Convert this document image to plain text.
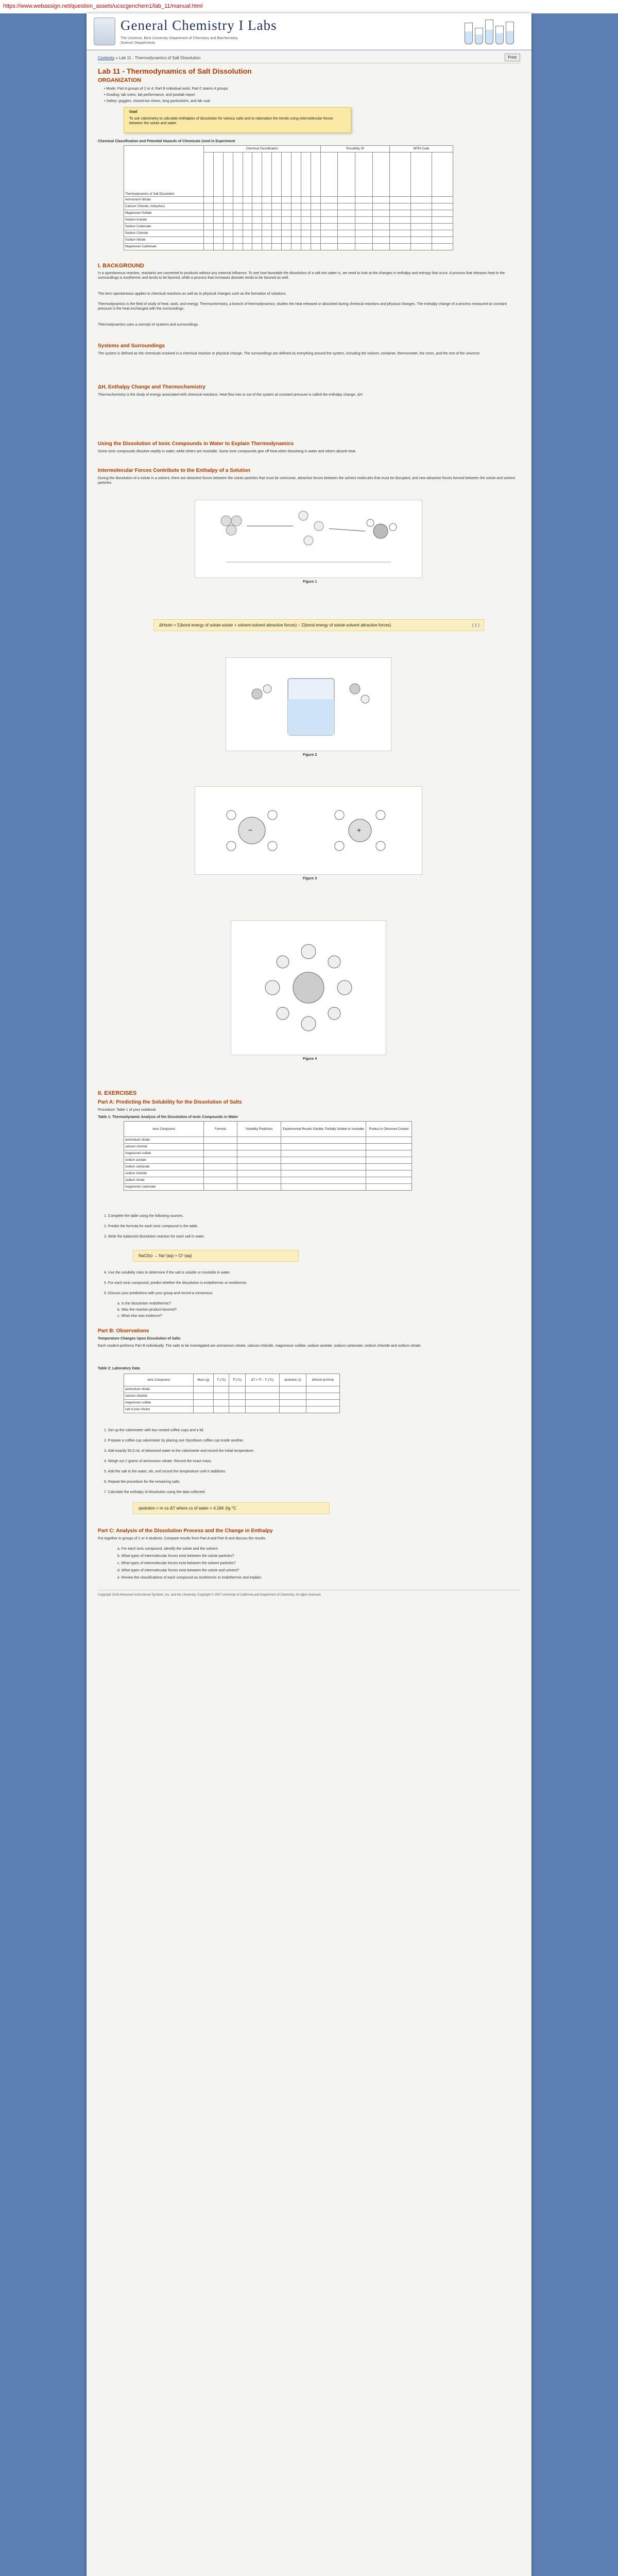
https://www.webassign.net/question_assets/ucscgenchem1/lab_11/manual.html
General Chemistry I Labs
The Universe, Best University Department of Chemistry and Biochemistry
Science Departments
Contents » Lab 11 - Thermodynamics of Salt Dissolution	Print
Lab 11 - Thermodynamics of Salt Dissolution
ORGANIZATION
• Mode: Part A groups of 2 or 4; Part B individual work; Part C teams 4 groups
• Grading: lab notes, lab performance, and postlab report
• Safety: goggles, closed-toe shoes, long pants/skirts, and lab coat
Goal
To use calorimetry to calculate enthalpies of dissolution for various salts and to rationalize the trends using intermolecular forces between the solute and water.
Chemical Classification and Potential Hazards of Chemicals Used in Experiment
Thermodynamics of Salt Dissolution	Chemical Classification												Possibility Of				NFPA Code		

Ammonium Nitrate																			
Calcium Chloride, Anhydrous																			
Magnesium Sulfate																			
Sodium Acetate																			
Sodium Carbonate																			
Sodium Chloride																			
Sodium Nitrate																			
Magnesium Carbonate																			
I. BACKGROUND
In a spontaneous reaction, reactants are converted to products without any external influence. To see how favorable the dissolution of a salt into water is, we need to look at the changes in enthalpy and entropy that occur. A process that releases heat to the surroundings is exothermic and tends to be favored, while a process that increases disorder tends to be favored as well.
The term spontaneous applies to chemical reactions as well as to physical changes such as the formation of solutions.
Thermodynamics is the field of study of heat, work, and energy. Thermochemistry, a branch of thermodynamics, studies the heat released or absorbed during chemical reactions and physical changes. The enthalpy change of a process measured at constant pressure is the heat exchanged with the surroundings.
Thermodynamics uses a concept of systems and surroundings.
Systems and Surroundings
The system is defined as the chemicals involved in a chemical reaction or physical change. The surroundings are defined as everything around the system, including the solvent, container, thermometer, the room, and the rest of the universe.
ΔH, Enthalpy Change and Thermochemistry
Thermochemistry is the study of energy associated with chemical reactions. Heat flow into or out of the system at constant pressure is called the enthalpy change, ΔH.
Using the Dissolution of Ionic Compounds in Water to Explain Thermodynamics
Some ionic compounds dissolve readily in water, while others are insoluble. Some ionic compounds give off heat when dissolving in water and others absorb heat.
Intermolecular Forces Contribute to the Enthalpy of a Solution
During the dissolution of a solute in a solvent, there are attractive forces between the solute particles that must be overcome, attractive forces between the solvent molecules that must be disrupted, and new attractive forces formed between the solute and solvent particles.
Figure 1
ΔHsoln = Σ(bond energy of solute-solute + solvent-solvent attractive forces) − Σ(bond energy of solute-solvent attractive forces)	( 1 )
Figure 2
−	+
Figure 3
Figure 4
II. EXERCISES
Part A: Predicting the Solubility for the Dissolution of Salts
Procedure: Table 1 of your notebook
Table 1: Thermodynamic Analysis of the Dissolution of Ionic Compounds in Water
Ionic Compound	Formula	Solubility Prediction	Experimental Results Soluble, Partially Soluble or Insoluble	Product in Observed Context
ammonium nitrate				
calcium chloride				
magnesium sulfate				
sodium acetate				
sodium carbonate				
sodium chloride				
sodium nitrate				
magnesium carbonate				
1. Complete the table using the following sources.
2. Predict the formula for each ionic compound in the table.
3. Write the balanced dissolution reaction for each salt in water.
NaCl(s) → Na⁺(aq) + Cl⁻(aq)
4. Use the solubility rules to determine if the salt is soluble or insoluble in water.
5. For each ionic compound, predict whether the dissolution is endothermic or exothermic.
6. Discuss your predictions with your group and record a consensus.
a. Is the dissolution endothermic?
b. Was the reaction product-favored?
c. What else was evidence?
Part B: Observations
Temperature Changes Upon Dissolution of Salts
Each student performs Part B individually. The salts to be investigated are ammonium nitrate, calcium chloride, magnesium sulfate, sodium acetate, sodium carbonate, sodium chloride and sodium nitrate.
Table 2: Laboratory Data
Ionic Compound	Mass (g)	Ti (°C)	Tf (°C)	ΔT = Tf − Ti (°C)	qsolution (J)	ΔHsoln (kJ/mol)
ammonium nitrate						
calcium chloride						
magnesium sulfate						
salt of your choice						
1. Set up the calorimeter with two nested coffee cups and a lid.
2. Prepare a coffee cup calorimeter by placing one Styrofoam coffee cup inside another.
3. Add exactly 50.0 mL of deionized water to the calorimeter and record the initial temperature.
4. Weigh out 2 grams of ammonium nitrate. Record the exact mass.
5. Add the salt to the water, stir, and record the temperature until it stabilizes.
6. Repeat the procedure for the remaining salts.
7. Calculate the enthalpy of dissolution using the data collected.
qsolution = m·cs·ΔT where cs of water = 4.184 J/g·°C
Part C: Analysis of the Dissolution Process and the Change in Enthalpy
Put together in groups of 2 or 4 students. Compare results from Part A and Part B and discuss the results.
a. For each ionic compound, identify the solute and the solvent.
b. What types of intermolecular forces exist between the solute particles?
c. What types of intermolecular forces exist between the solvent particles?
d. What types of intermolecular forces exist between the solute and solvent?
e. Review the classifications of each compound as exothermic or endothermic and explain.
Copyright 2016 Advanced Instructional Systems, Inc. and the University. Copyright © 2007 University of California and Department of Chemistry. All rights reserved.
